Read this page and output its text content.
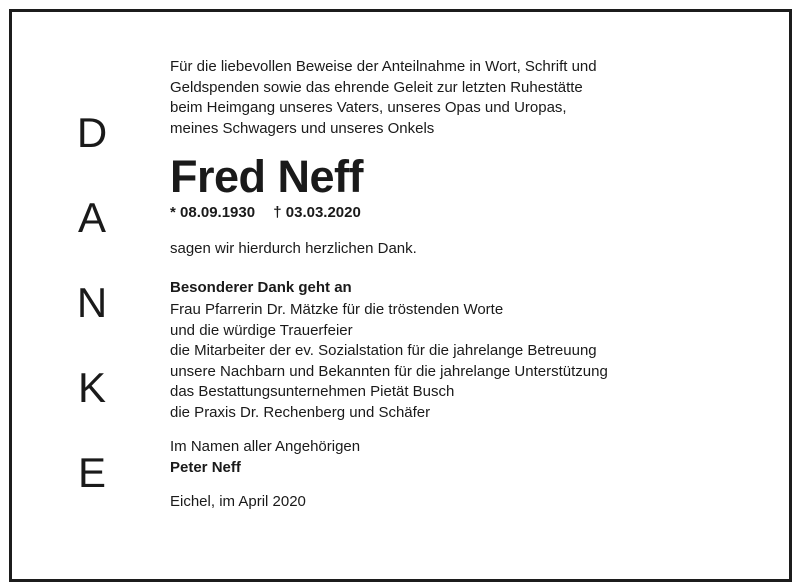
D
A
N
K
E

Für die liebevollen Beweise der Anteilnahme in Wort, Schrift und

Geldspenden sowie das ehrende Geleit zur letzten Ruhestätte

beim Heimgang unseres Vaters, unseres Opas und Uropas,

meines Schwagers und unseres Onkels

Fred Neff
* 08.09.1930 † 03.03.2020

sagen wir hierdurch herzlichen Dank.

Besonderer Dank geht an

Frau Pfarrerin Dr. Mätzke für die tröstenden Worte

und die würdige Trauerfeier

die Mitarbeiter der ev. Sozialstation für die jahrelange Betreuung

unsere Nachbarn und Bekannten für die jahrelange Unterstützung

das Bestattungsunternehmen Pietät Busch

die Praxis Dr. Rechenberg und Schäfer

Im Namen aller Angehörigen

Peter Neff

Eichel, im April 2020
